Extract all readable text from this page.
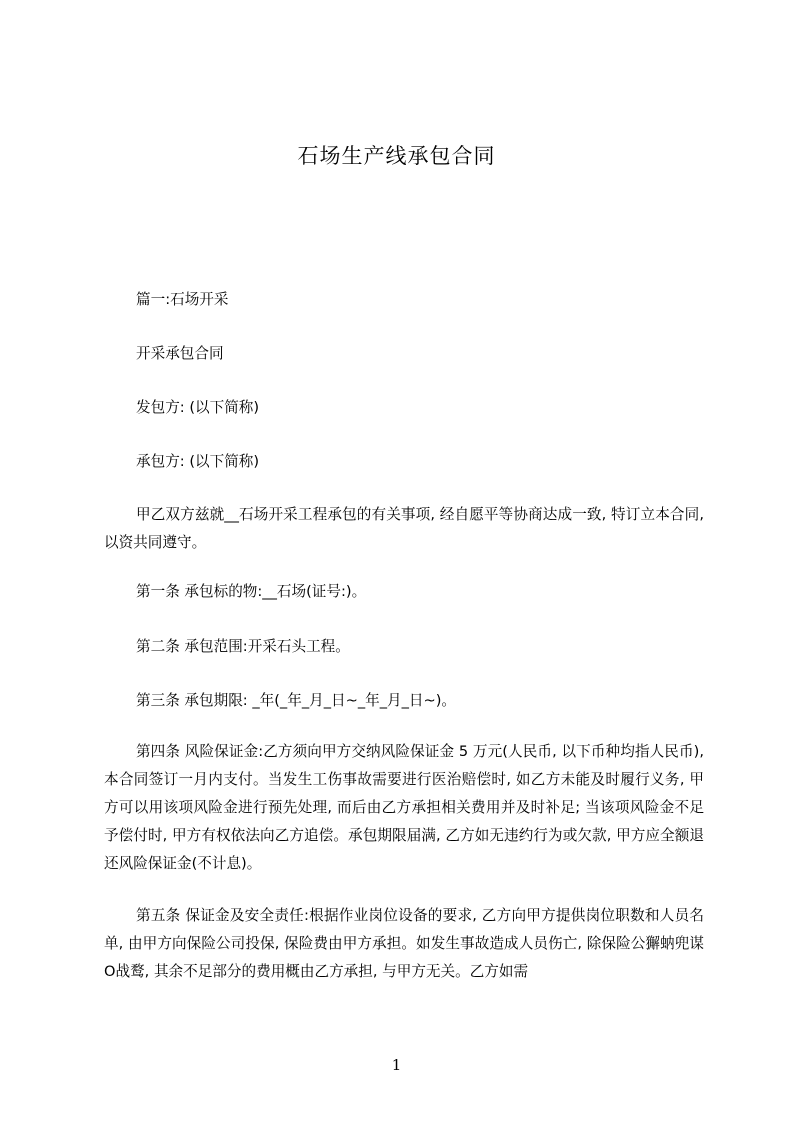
石场生产线承包合同
篇一:石场开采
开采承包合同
发包方: (以下简称)
承包方: (以下简称)
甲乙双方兹就__石场开采工程承包的有关事项, 经自愿平等协商达成一致, 特订立本合同, 以资共同遵守。
第一条 承包标的物:__石场(证号:)。
第二条 承包范围:开采石头工程。
第三条 承包期限: _年(_年_月_日~_年_月_日~)。
第四条 风险保证金:乙方须向甲方交纳风险保证金 5 万元(人民币, 以下币种均指人民币), 本合同签订一月内支付。当发生工伤事故需要进行医治赔偿时, 如乙方未能及时履行义务, 甲方可以用该项风险金进行预先处理, 而后由乙方承担相关费用并及时补足; 当该项风险金不足予偿付时, 甲方有权依法向乙方追偿。承包期限届满, 乙方如无违约行为或欠款, 甲方应全额退还风险保证金(不计息)。
第五条 保证金及安全责任:根据作业岗位设备的要求, 乙方向甲方提供岗位职数和人员名单, 由甲方向保险公司投保, 保险费由甲方承担。如发生事故造成人员伤亡, 除保险公獬蚋兜谋O战鹜, 其余不足部分的费用概由乙方承担, 与甲方无关。乙方如需
1
